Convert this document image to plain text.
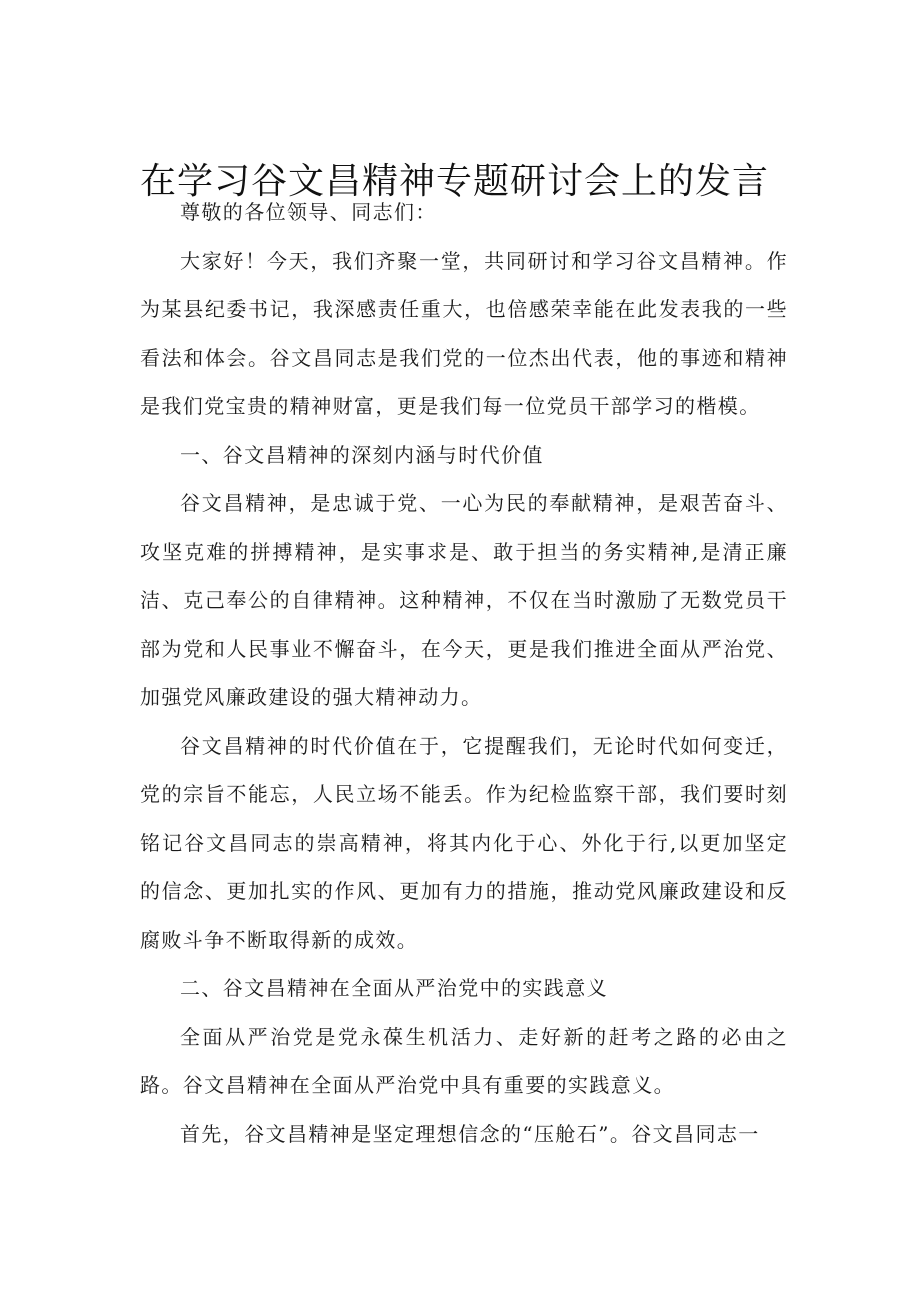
在学习谷文昌精神专题研讨会上的发言

尊敬的各位领导、同志们：

大家好！今天，我们齐聚一堂，共同研讨和学习谷文昌精神。作为某县纪委书记，我深感责任重大，也倍感荣幸能在此发表我的一些看法和体会。谷文昌同志是我们党的一位杰出代表，他的事迹和精神是我们党宝贵的精神财富，更是我们每一位党员干部学习的楷模。

一、谷文昌精神的深刻内涵与时代价值

谷文昌精神，是忠诚于党、一心为民的奉献精神，是艰苦奋斗、攻坚克难的拼搏精神，是实事求是、敢于担当的务实精神,是清正廉洁、克己奉公的自律精神。这种精神，不仅在当时激励了无数党员干部为党和人民事业不懈奋斗，在今天，更是我们推进全面从严治党、加强党风廉政建设的强大精神动力。

谷文昌精神的时代价值在于，它提醒我们，无论时代如何变迁，党的宗旨不能忘，人民立场不能丢。作为纪检监察干部，我们要时刻铭记谷文昌同志的崇高精神，将其内化于心、外化于行,以更加坚定的信念、更加扎实的作风、更加有力的措施，推动党风廉政建设和反腐败斗争不断取得新的成效。

二、谷文昌精神在全面从严治党中的实践意义

全面从严治党是党永葆生机活力、走好新的赶考之路的必由之路。谷文昌精神在全面从严治党中具有重要的实践意义。

首先，谷文昌精神是坚定理想信念的“压舱石”。谷文昌同志一
